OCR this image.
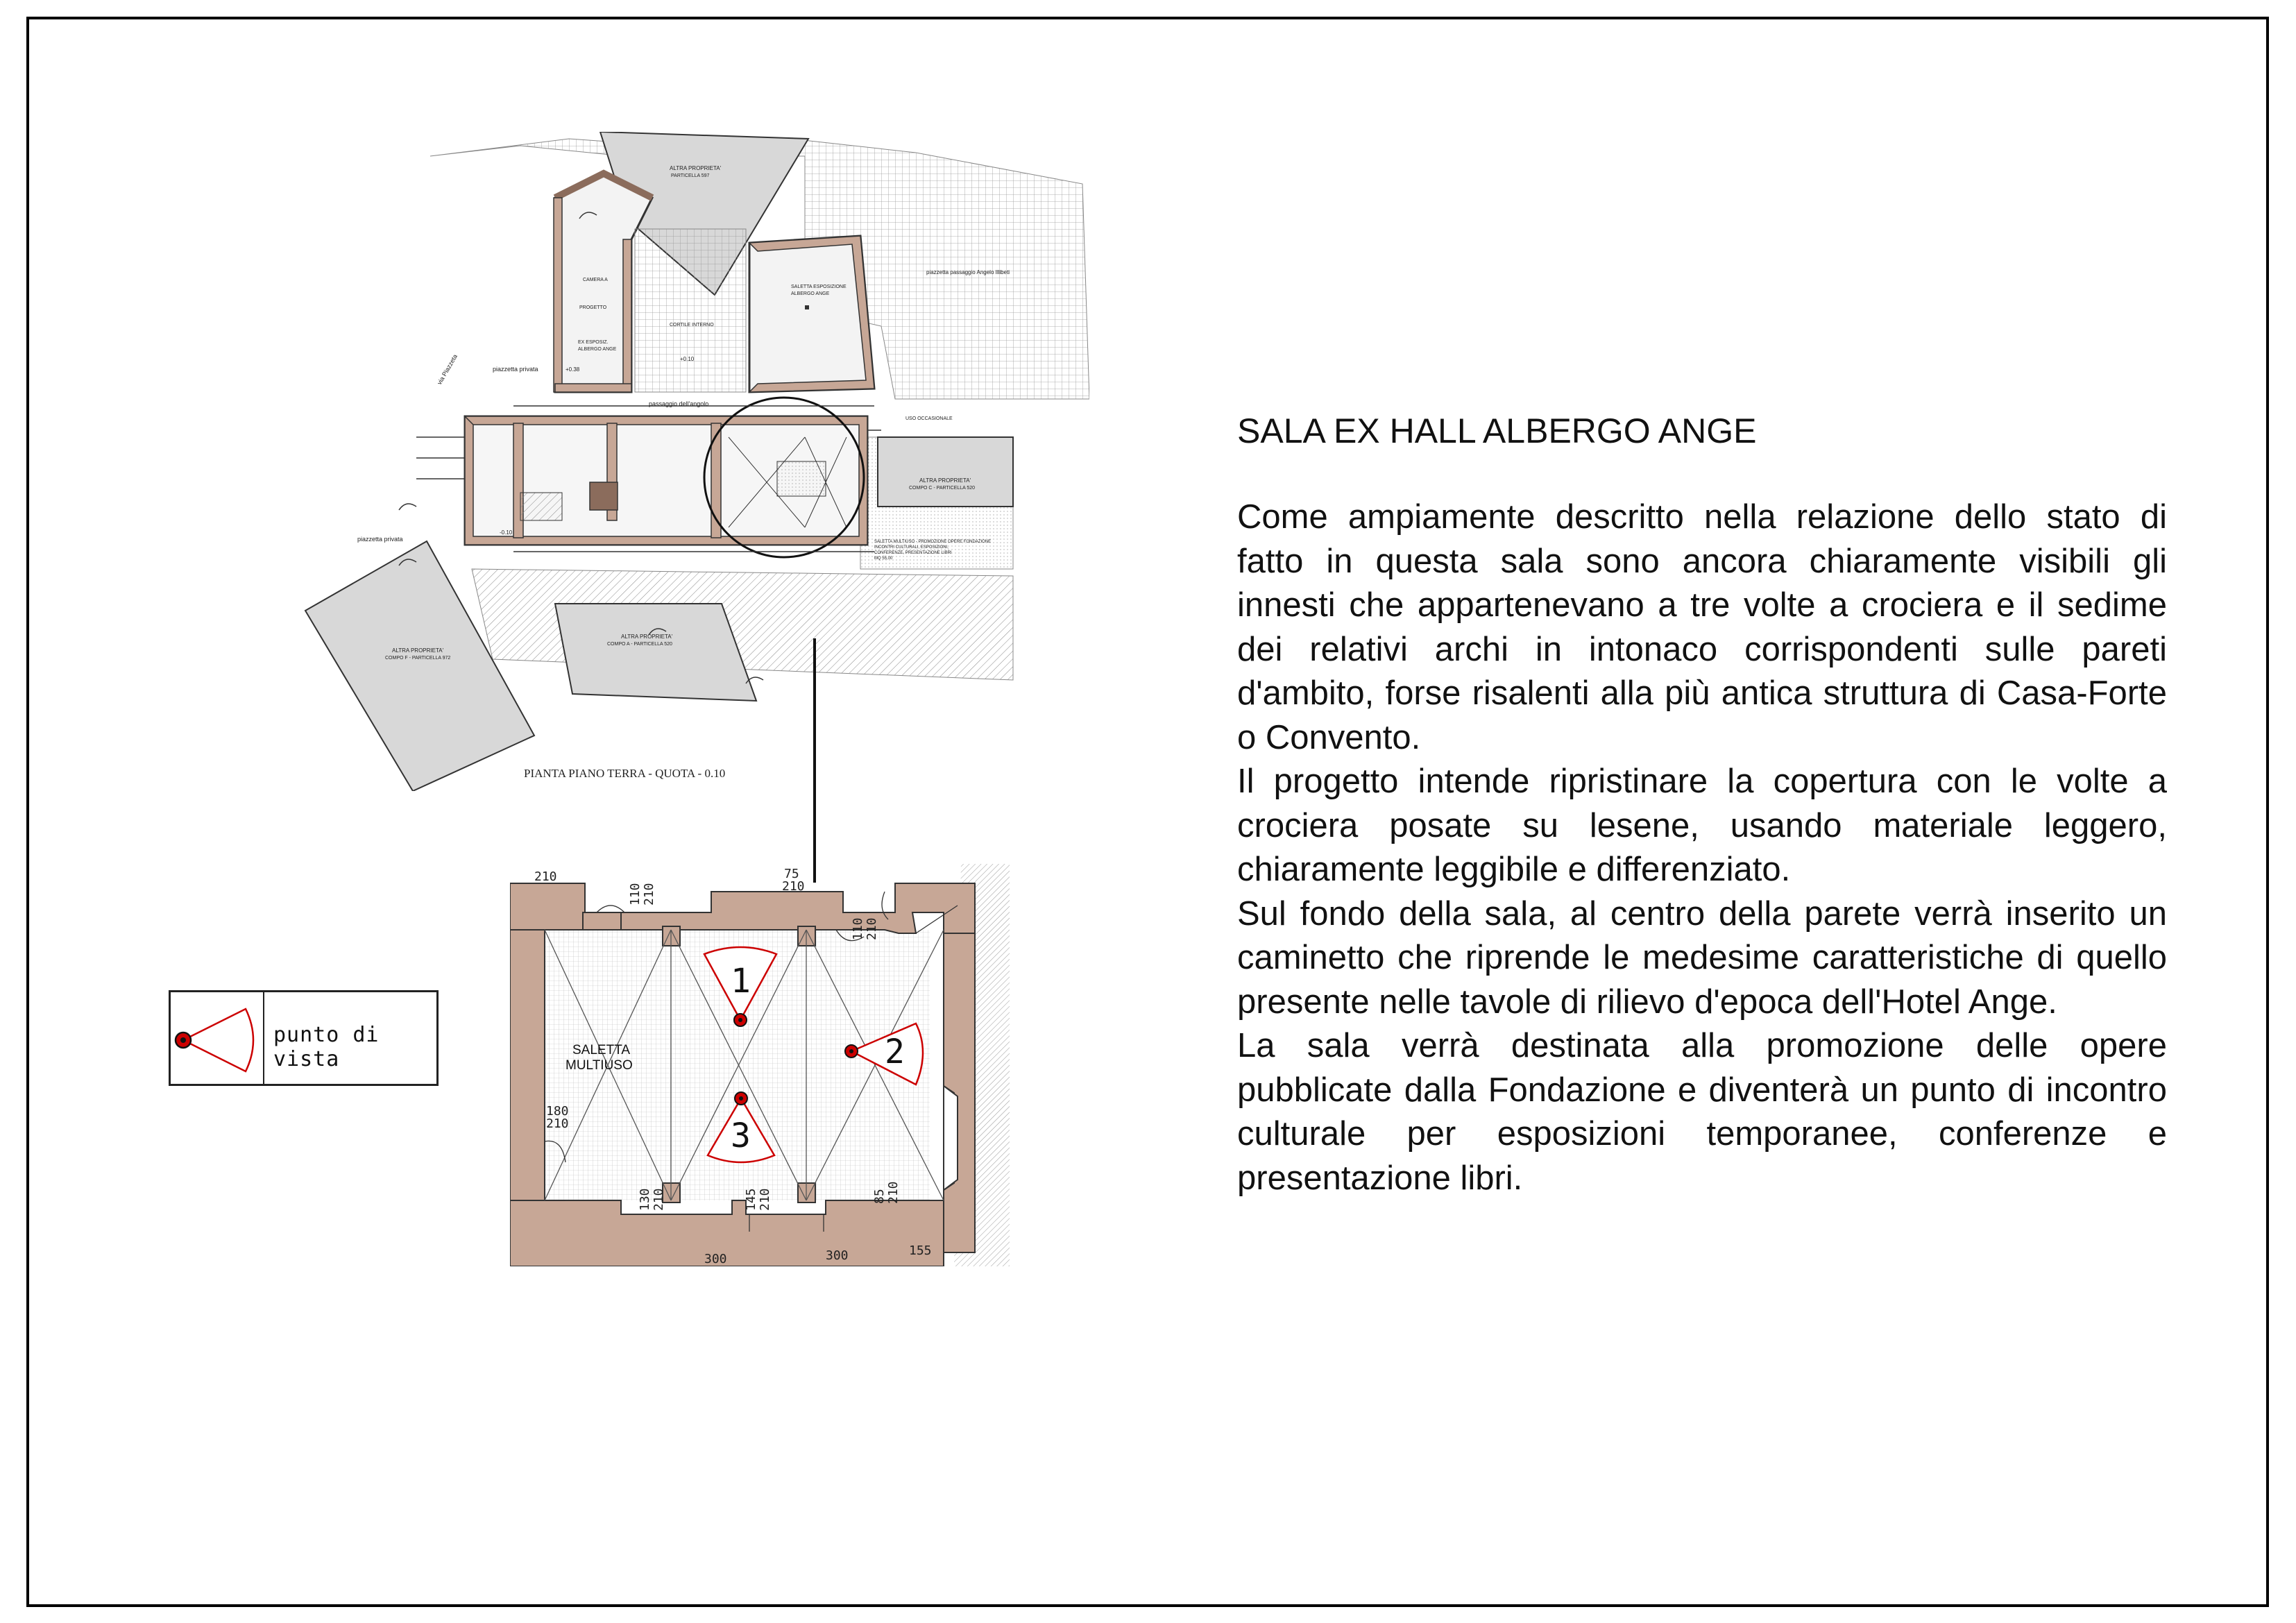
ALTRA PROPRIETA'
PARTICELLA 597
piazzetta passaggio Angelo Illibeti
CAMERA A
PROGETTO
EX ESPOSIZ.
ALBERGO ANGE
SALETTA ESPOSIZIONE
ALBERGO ANGE
CORTILE INTERNO
passaggio dell'angolo
via Piazzeta	piazzetta privata
piazzetta privata
USO OCCASIONALE
ALTRA PROPRIETA'
COMPO C - PARTICELLA 520
ALTRA PROPRIETA'
COMPO A - PARTICELLA 520
ALTRA PROPRIETA'
COMPO F - PARTICELLA 972
SALETTA MULTIUSO - PROMOZIONE OPERE FONDAZIONE
INCONTRI CULTURALI, ESPOSIZIONI,
CONFERENZE, PRESENTAZIONE LIBRI
MQ 55,00
+0.38
+0.10
-0.10
PIANTA PIANO TERRA - QUOTA - 0.10
1
2
3
SALETTA
MULTIUSO
210
110 210
75
210
110 210
180
210
145 210	85 210
130 210
300	300	155
punto di vista
SALA EX HALL ALBERGO ANGE

Come ampiamente descritto nella relazione dello stato di fatto in questa sala sono ancora chiaramente visibili gli innesti che appartenevano a tre volte a crociera e il sedime dei relativi archi in intonaco corrispondenti sulle pareti d'ambito, forse risalenti alla più antica struttura di Casa-Forte o Convento.

Il progetto intende ripristinare la copertura con le volte a crociera posate su lesene, usando materiale leggero, chiaramente leggibile e differenziato.

Sul fondo della sala, al centro della parete verrà inserito un caminetto che riprende le medesime caratteristiche di quello presente nelle tavole di rilievo d'epoca dell'Hotel Ange.

La sala verrà destinata alla promozione delle opere pubblicate dalla Fondazione e diventerà un punto di incontro culturale per esposizioni temporanee, conferenze e presentazione libri.
